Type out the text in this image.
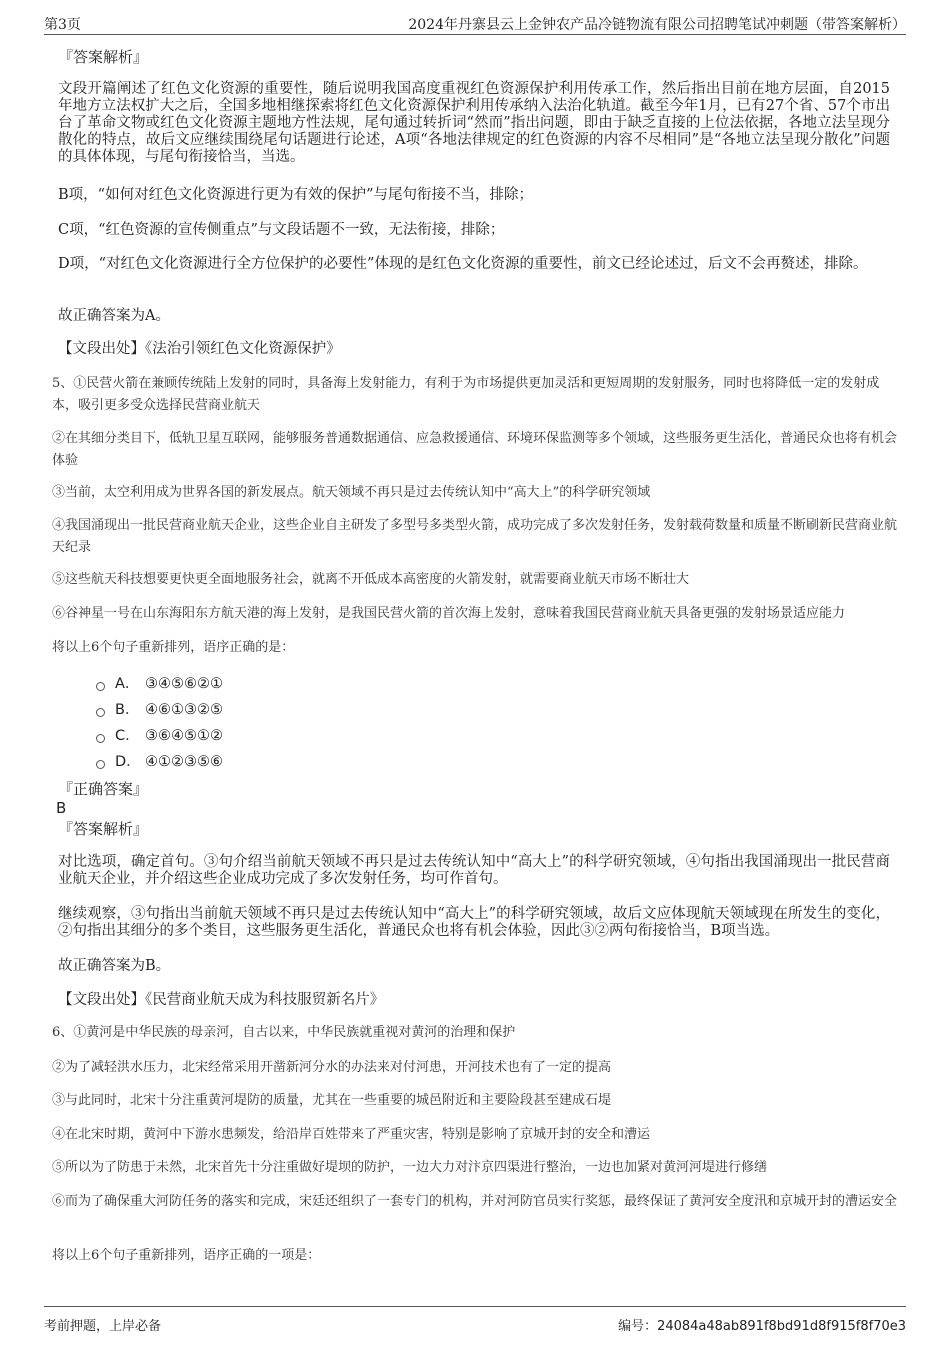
第3页	2024年丹寨县云上金钟农产品冷链物流有限公司招聘笔试冲刺题（带答案解析）
『答案解析』
文段开篇阐述了红色文化资源的重要性，随后说明我国高度重视红色资源保护利用传承工作，然后指出目前在地方层面，自2015年地方立法权扩大之后，全国多地相继探索将红色文化资源保护利用传承纳入法治化轨道。截至今年1月，已有27个省、57个市出台了革命文物或红色文化资源主题地方性法规，尾句通过转折词“然而”指出问题，即由于缺乏直接的上位法依据，各地立法呈现分散化的特点，故后文应继续围绕尾句话题进行论述，A项“各地法律规定的红色资源的内容不尽相同”是“各地立法呈现分散化”问题的具体体现，与尾句衔接恰当，当选。
B项，“如何对红色文化资源进行更为有效的保护”与尾句衔接不当，排除；
C项，“红色资源的宣传侧重点”与文段话题不一致，无法衔接，排除；
D项，“对红色文化资源进行全方位保护的必要性”体现的是红色文化资源的重要性，前文已经论述过，后文不会再赘述，排除。
故正确答案为A。
【文段出处】《法治引领红色文化资源保护》
5、①民营火箭在兼顾传统陆上发射的同时，具备海上发射能力，有利于为市场提供更加灵活和更短周期的发射服务，同时也将降低一定的发射成本，吸引更多受众选择民营商业航天
②在其细分类目下，低轨卫星互联网，能够服务普通数据通信、应急救援通信、环境环保监测等多个领域，这些服务更生活化，普通民众也将有机会体验
③当前，太空利用成为世界各国的新发展点。航天领域不再只是过去传统认知中“高大上”的科学研究领域
④我国涌现出一批民营商业航天企业，这些企业自主研发了多型号多类型火箭，成功完成了多次发射任务，发射载荷数量和质量不断刷新民营商业航天纪录
⑤这些航天科技想要更快更全面地服务社会，就离不开低成本高密度的火箭发射，就需要商业航天市场不断壮大
⑥谷神星一号在山东海阳东方航天港的海上发射，是我国民营火箭的首次海上发射，意味着我国民营商业航天具备更强的发射场景适应能力
将以上6个句子重新排列，语序正确的是：
A． ③④⑤⑥②①
B． ④⑥①③②⑤
C． ③⑥④⑤①②
D． ④①②③⑤⑥
『正确答案』
B
『答案解析』
对比选项，确定首句。③句介绍当前航天领域不再只是过去传统认知中“高大上”的科学研究领域，④句指出我国涌现出一批民营商业航天企业，并介绍这些企业成功完成了多次发射任务，均可作首句。
继续观察，③句指出当前航天领域不再只是过去传统认知中“高大上”的科学研究领域，故后文应体现航天领域现在所发生的变化，②句指出其细分的多个类目，这些服务更生活化，普通民众也将有机会体验，因此③②两句衔接恰当，B项当选。
故正确答案为B。
【文段出处】《民营商业航天成为科技服贸新名片》
6、①黄河是中华民族的母亲河，自古以来，中华民族就重视对黄河的治理和保护
②为了减轻洪水压力，北宋经常采用开凿新河分水的办法来对付河患，开河技术也有了一定的提高
③与此同时，北宋十分注重黄河堤防的质量，尤其在一些重要的城邑附近和主要险段甚至建成石堤
④在北宋时期，黄河中下游水患频发，给沿岸百姓带来了严重灾害，特别是影响了京城开封的安全和漕运
⑤所以为了防患于未然，北宋首先十分注重做好堤坝的防护，一边大力对汴京四渠进行整治，一边也加紧对黄河河堤进行修缮
⑥而为了确保重大河防任务的落实和完成，宋廷还组织了一套专门的机构，并对河防官员实行奖惩，最终保证了黄河安全度汛和京城开封的漕运安全
将以上6个句子重新排列，语序正确的一项是：
考前押题，上岸必备	编号：24084a48ab891f8bd91d8f915f8f70e3
